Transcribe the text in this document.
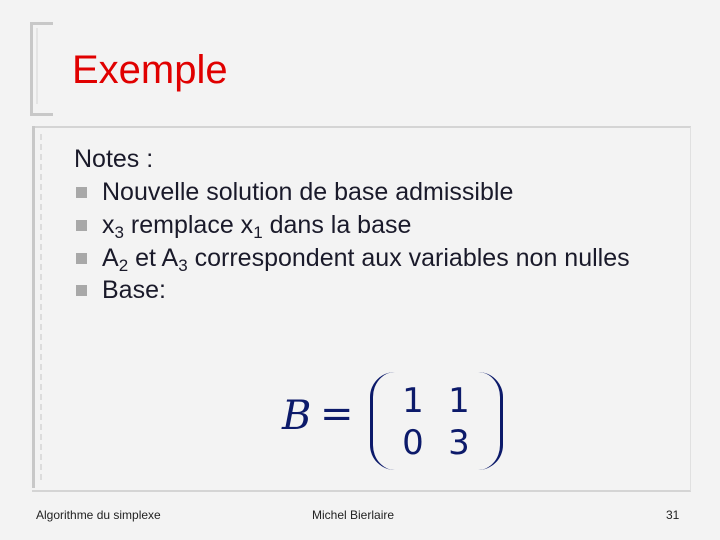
Exemple
Notes :
Nouvelle solution de base admissible
$x_3$ remplace $x_1$ dans la base
$A_2$ et $A_3$ correspondent aux variables non nulles
Base:
B = 1 1
0 3
Algorithme du simplexe	Michel Bierlaire	31
